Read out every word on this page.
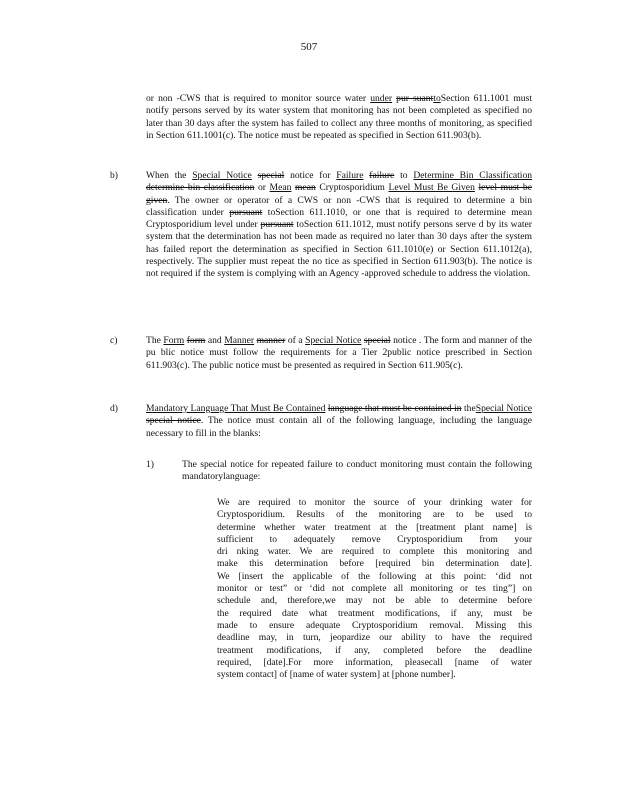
507
or non -CWS that is required to monitor source water under pur suanttoSection 611.1001 must notify persons served by its water system that monitoring has not been completed as specified no later than 30 days after the system has failed to collect any three months of monitoring, as specified in Section 611.1001(c). The notice must be repeated as specified in Section 611.903(b).
b)	When the Special Notice special notice for Failure failure to Determine Bin Classification determine bin classification or Mean mean Cryptosporidium Level Must Be Given level must be given. The owner or operator of a CWS or non -CWS that is required to determine a bin classification under pursuant toSection 611.1010, or one that is required to determine mean Cryptosporidium level under pursuant toSection 611.1012, must notify persons serve d by its water system that the determination has not been made as required no later than 30 days after the system has failed report the determination as specified in Section 611.1010(e) or Section 611.1012(a), respectively. The supplier must repeat the no tice as specified in Section 611.903(b). The notice is not required if the system is complying with an Agency -approved schedule to address the violation.
c)	The Form form and Manner manner of a Special Notice special notice . The form and manner of the pu blic notice must follow the requirements for a Tier 2public notice prescribed in Section 611.903(c). The public notice must be presented as required in Section 611.905(c).
d)	Mandatory Language That Must Be Contained language that must be contained in theSpecial Notice special notice. The notice must contain all of the following language, including the language necessary to fill in the blanks:
1)	The special notice for repeated failure to conduct monitoring must contain the following mandatorylanguage:
We are required to monitor the source of your drinking water for
Cryptosporidium. Results of the monitoring are to be used to
determine whether water treatment at the [treatment plant name] is
sufficient to adequately remove Cryptosporidium from your
dri nking water. We are required to complete this monitoring and
make this determination before [required bin determination date].
We [insert the applicable of the following at this point: ‘did not
monitor or test” or ‘did not complete all monitoring or tes ting”] on
schedule and, therefore,we may not be able to determine before
the required date what treatment modifications, if any, must be
made to ensure adequate Cryptosporidium removal. Missing this
deadline may, in turn, jeopardize our ability to have the required
treatment modifications, if any, completed before the deadline
required, [date].For more information, pleasecall [name of water
system contact] of [name of water system] at [phone number].
